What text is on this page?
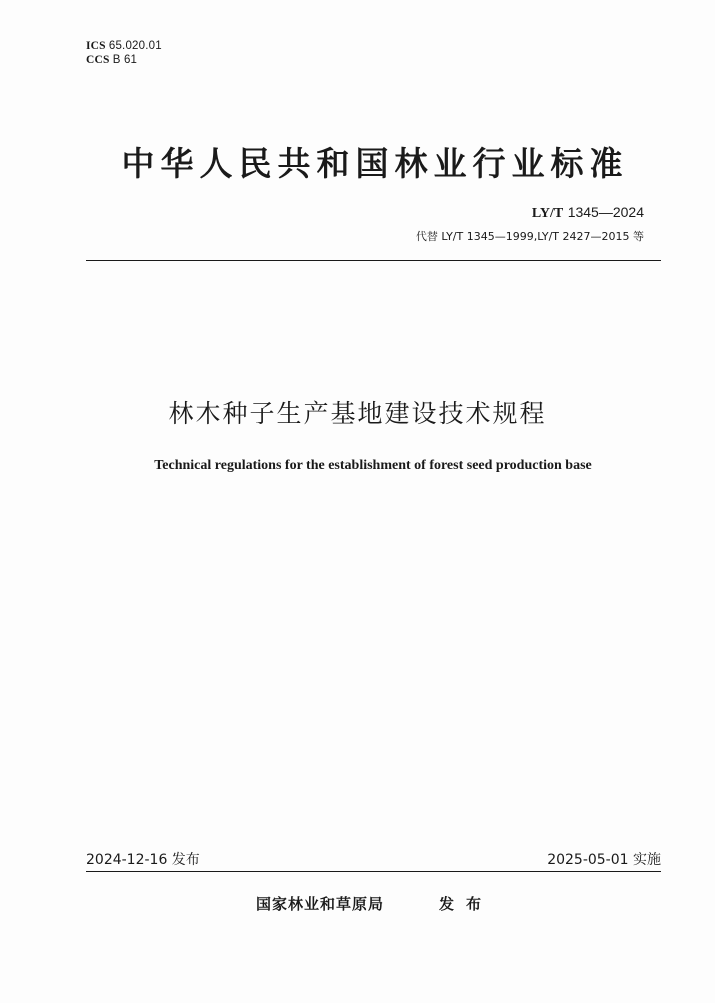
ICS 65.020.01
CCS B 61
中华人民共和国林业行业标准
LY/T 1345—2024
代替 LY/T 1345—1999,LY/T 2427—2015 等
林木种子生产基地建设技术规程
Technical regulations for the establishment of forest seed production base
2024-12-16 发布	2025-05-01 实施
国家林业和草原局	发布
